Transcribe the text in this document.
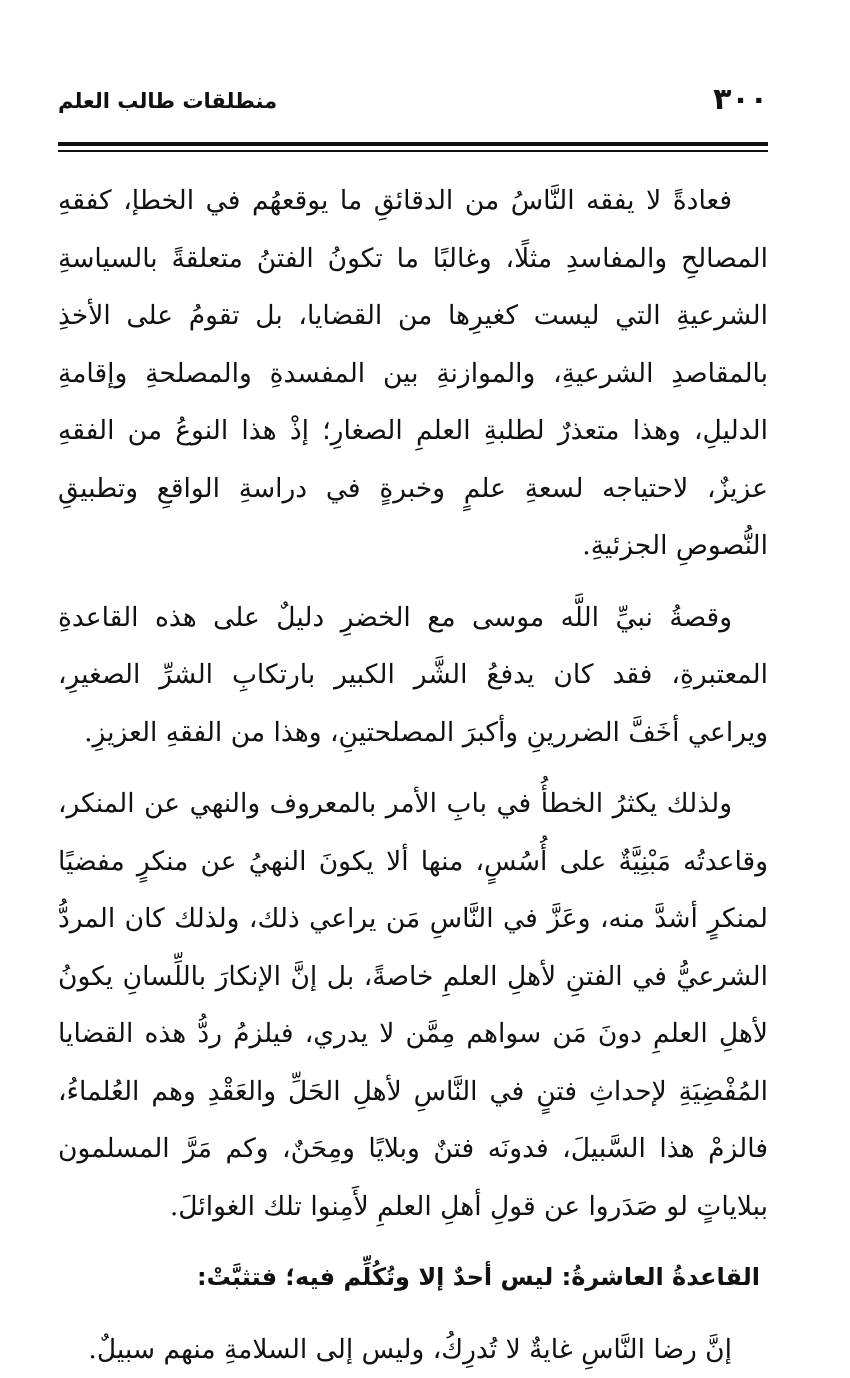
٣٠٠
منطلقات طالب العلم

فعادةً لا يفقه النَّاسُ من الدقائقِ ما يوقعهُم في الخطإ، كفقهِ المصالحِ والمفاسدِ مثلًا، وغالبًا ما تكونُ الفتنُ متعلقةً بالسياسةِ الشرعيةِ التي ليست كغيرِها من القضايا، بل تقومُ على الأخذِ بالمقاصدِ الشرعيةِ، والموازنةِ بين المفسدةِ والمصلحةِ وإقامةِ الدليلِ، وهذا متعذرٌ لطلبةِ العلمِ الصغارِ؛ إذْ هذا النوعُ من الفقهِ عزيزٌ، لاحتياجه لسعةِ علمٍ وخبرةٍ في دراسةِ الواقعِ وتطبيقِ النُّصوصِ الجزئيةِ.

وقصةُ نبيِّ اللَّه موسى مع الخضرِ دليلٌ على هذه القاعدةِ المعتبرةِ، فقد كان يدفعُ الشَّر الكبير بارتكابِ الشرِّ الصغيرِ، ويراعي أخَفَّ الضررينِ وأكبرَ المصلحتينِ، وهذا من الفقهِ العزيزِ.

ولذلك يكثرُ الخطأُ في بابِ الأمر بالمعروف والنهي عن المنكر، وقاعدتُه مَبْنِيَّةٌ على أُسُسٍ، منها ألا يكونَ النهيُ عن منكرٍ مفضيًا لمنكرٍ أشدَّ منه، وعَزَّ في النَّاسِ مَن يراعي ذلك، ولذلك كان المردُّ الشرعيُّ في الفتنِ لأهلِ العلمِ خاصةً، بل إنَّ الإنكارَ باللِّسانِ يكونُ لأهلِ العلمِ دونَ مَن سواهم مِمَّن لا يدري، فيلزمُ ردُّ هذه القضايا المُفْضِيَةِ لإحداثِ فتنٍ في النَّاسِ لأهلِ الحَلِّ والعَقْدِ وهم العُلماءُ، فالزمْ هذا السَّبيلَ، فدونَه فتنٌ وبلايًا ومِحَنٌ، وكم مَرَّ المسلمون ببلاياتٍ لو صَدَروا عن قولِ أهلِ العلمِ لأَمِنوا تلك الغوائلَ.

القاعدةُ العاشرةُ: ليس أحدٌ إلا وتُكُلِّم فيه؛ فتثبَّتْ:

إنَّ رضا النَّاسِ غايةٌ لا تُدرِكُ، وليس إلى السلامةِ منهم سبيلٌ.
